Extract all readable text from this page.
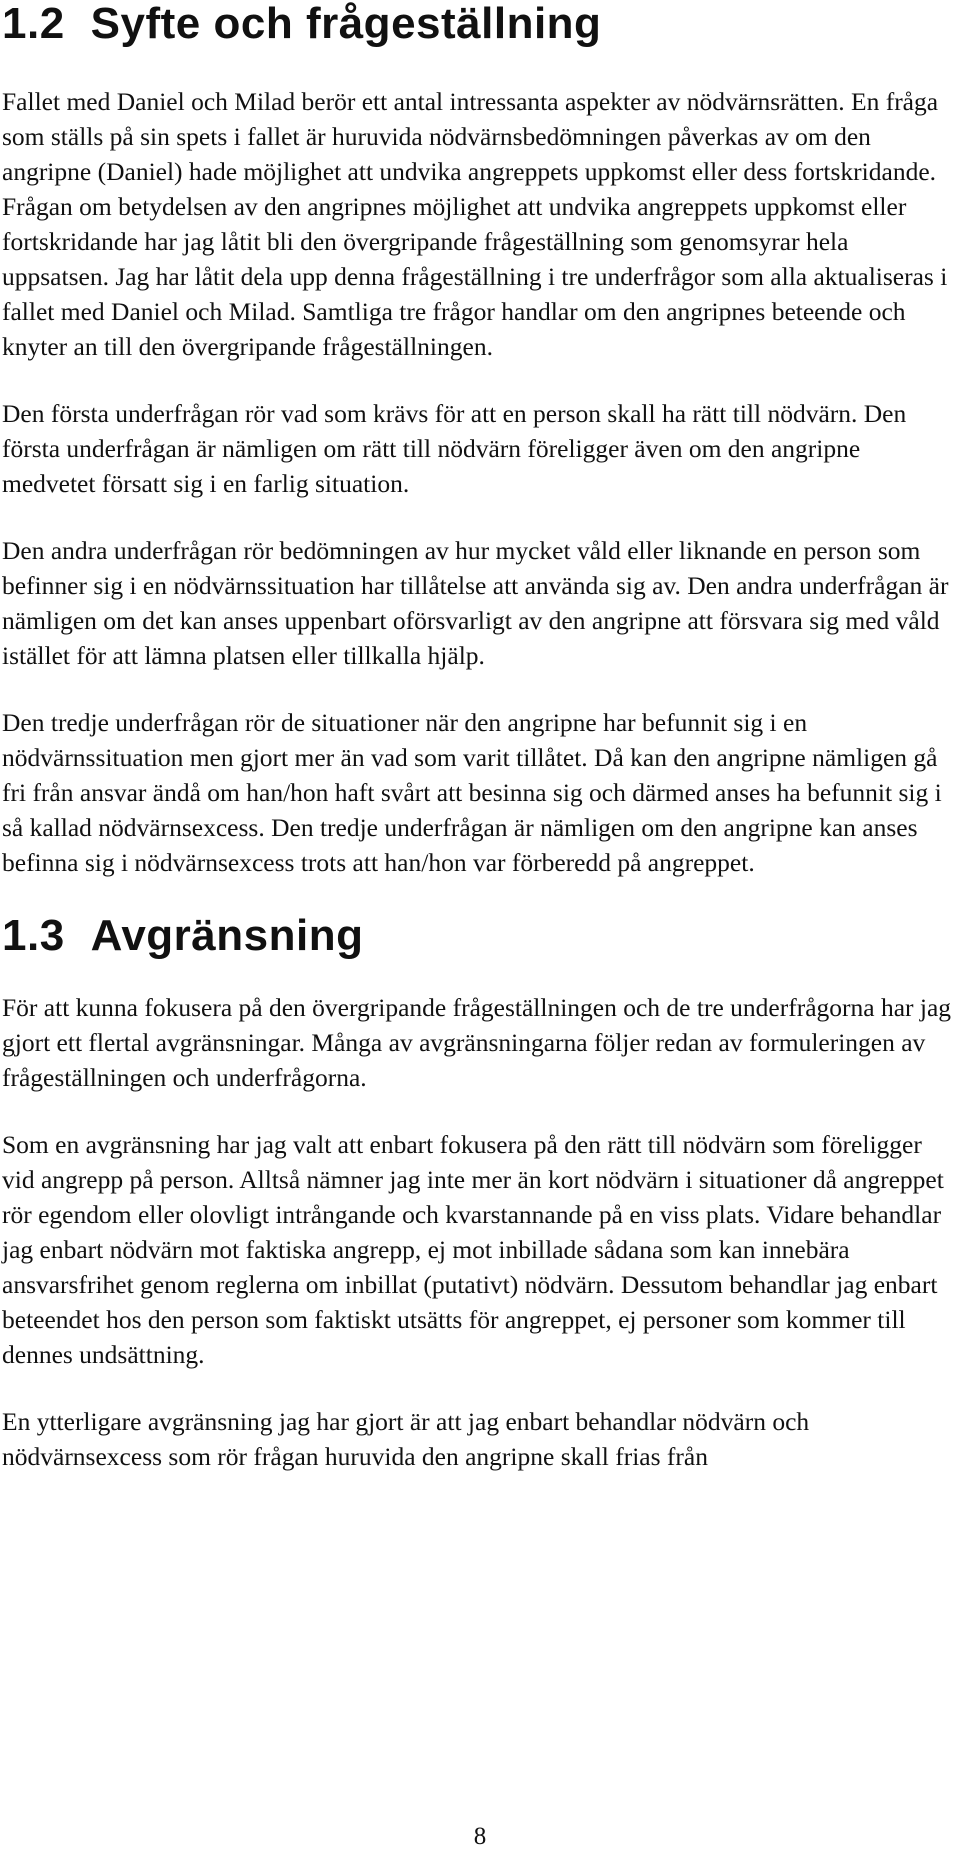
1.2 Syfte och frågeställning

Fallet med Daniel och Milad berör ett antal intressanta aspekter av nödvärnsrätten. En fråga som ställs på sin spets i fallet är huruvida nödvärnsbedömningen påverkas av om den angripne (Daniel) hade möjlighet att undvika angreppets uppkomst eller dess fortskridande. Frågan om betydelsen av den angripnes möjlighet att undvika angreppets uppkomst eller fortskridande har jag låtit bli den övergripande frågeställning som genomsyrar hela uppsatsen. Jag har låtit dela upp denna frågeställning i tre underfrågor som alla aktualiseras i fallet med Daniel och Milad. Samtliga tre frågor handlar om den angripnes beteende och knyter an till den övergripande frågeställningen.

Den första underfrågan rör vad som krävs för att en person skall ha rätt till nödvärn. Den första underfrågan är nämligen om rätt till nödvärn föreligger även om den angripne medvetet försatt sig i en farlig situation.

Den andra underfrågan rör bedömningen av hur mycket våld eller liknande en person som befinner sig i en nödvärnssituation har tillåtelse att använda sig av. Den andra underfrågan är nämligen om det kan anses uppenbart oförsvarligt av den angripne att försvara sig med våld istället för att lämna platsen eller tillkalla hjälp.

Den tredje underfrågan rör de situationer när den angripne har befunnit sig i en nödvärnssituation men gjort mer än vad som varit tillåtet. Då kan den angripne nämligen gå fri från ansvar ändå om han/hon haft svårt att besinna sig och därmed anses ha befunnit sig i så kallad nödvärnsexcess. Den tredje underfrågan är nämligen om den angripne kan anses befinna sig i nödvärnsexcess trots att han/hon var förberedd på angreppet.

1.3 Avgränsning

För att kunna fokusera på den övergripande frågeställningen och de tre underfrågorna har jag gjort ett flertal avgränsningar. Många av avgränsningarna följer redan av formuleringen av frågeställningen och underfrågorna.

Som en avgränsning har jag valt att enbart fokusera på den rätt till nödvärn som föreligger vid angrepp på person. Alltså nämner jag inte mer än kort nödvärn i situationer då angreppet rör egendom eller olovligt intrångande och kvarstannande på en viss plats. Vidare behandlar jag enbart nödvärn mot faktiska angrepp, ej mot inbillade sådana som kan innebära ansvarsfrihet genom reglerna om inbillat (putativt) nödvärn. Dessutom behandlar jag enbart beteendet hos den person som faktiskt utsätts för angreppet, ej personer som kommer till dennes undsättning.

En ytterligare avgränsning jag har gjort är att jag enbart behandlar nödvärn och nödvärnsexcess som rör frågan huruvida den angripne skall frias från

8
